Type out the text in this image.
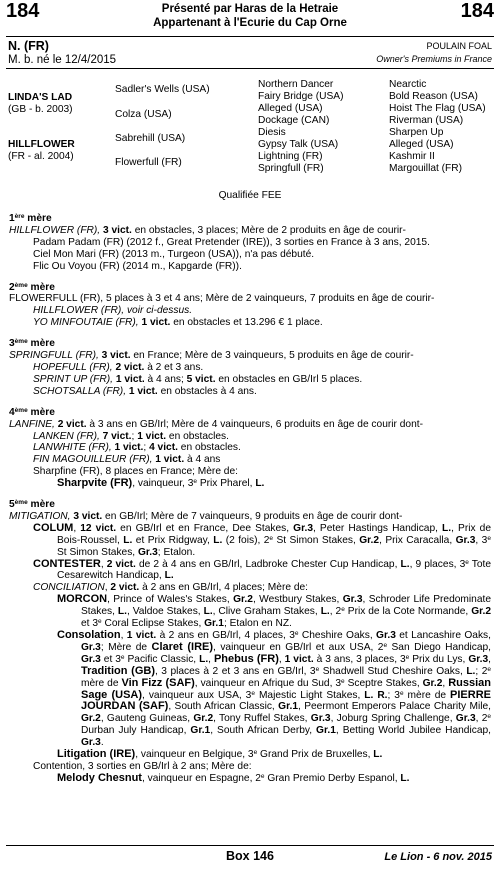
184	Présenté par Haras de la Hetraie
Appartenant à l'Ecurie du Cap Orne
184
N. (FR)
M. b. né le 12/4/2015
POULAIN FOAL
Owner's Premiums in France
LINDA'S LAD
(GB - b. 2003)
HILLFLOWER
(FR - al. 2004)
Sadler's Wells (USA)
Colza (USA)
Sabrehill (USA)
Flowerfull (FR)
Northern Dancer
Fairy Bridge (USA)
Alleged (USA)
Dockage (CAN)
Diesis
Gypsy Talk (USA)
Lightning (FR)
Springfull (FR)
Nearctic
Bold Reason (USA)
Hoist The Flag (USA)
Riverman (USA)
Sharpen Up
Alleged (USA)
Kashmir II
Margouillat (FR)
Qualifiée FEE
1ère mère
HILLFLOWER (FR), 3 vict. en obstacles, 3 places; Mère de 2 produits en âge de courir-
Padam Padam (FR) (2012 f., Great Pretender (IRE)), 3 sorties en France à 3 ans, 2015.
Ciel Mon Mari (FR) (2013 m., Turgeon (USA)), n'a pas débuté.
Flic Ou Voyou (FR) (2014 m., Kapgarde (FR)).
2ème mère
FLOWERFULL (FR), 5 places à 3 et 4 ans; Mère de 2 vainqueurs, 7 produits en âge de courir-
HILLFLOWER (FR), voir ci-dessus.
YO MINFOUTAIE (FR), 1 vict. en obstacles et 13.296 € 1 place.
3ème mère
SPRINGFULL (FR), 3 vict. en France; Mère de 3 vainqueurs, 5 produits en âge de courir-
HOPEFULL (FR), 2 vict. à 2 et 3 ans.
SPRINT UP (FR), 1 vict. à 4 ans; 5 vict. en obstacles en GB/Irl 5 places.
SCHOTSALLA (FR), 1 vict. en obstacles à 4 ans.
4ème mère
LANFINE, 2 vict. à 3 ans en GB/Irl; Mère de 4 vainqueurs, 6 produits en âge de courir dont-
LANKEN (FR), 7 vict.; 1 vict. en obstacles.
LANWHITE (FR), 1 vict.; 4 vict. en obstacles.
FIN MAGOUILLEUR (FR), 1 vict. à 4 ans
Sharpfine (FR), 8 places en France; Mère de:
Sharpvite (FR), vainqueur, 3e Prix Pharel, L.
5ème mère
MITIGATION, 3 vict. en GB/Irl; Mère de 7 vainqueurs, 9 produits en âge de courir dont-
COLUM, 12 vict. en GB/Irl et en France, Dee Stakes, Gr.3, Peter Hastings Handicap, L., Prix de Bois-Roussel, L. et Prix Ridgway, L. (2 fois), 2e St Simon Stakes, Gr.2, Prix Caracalla, Gr.3, 3e St Simon Stakes, Gr.3; Etalon.
CONTESTER, 2 vict. de 2 à 4 ans en GB/Irl, Ladbroke Chester Cup Handicap, L., 9 places, 3e Tote Cesarewitch Handicap, L.
CONCILIATION, 2 vict. à 2 ans en GB/Irl, 4 places; Mère de:
MORCON, Prince of Wales's Stakes, Gr.2, Westbury Stakes, Gr.3, Schroder Life Predominate Stakes, L., Valdoe Stakes, L., Clive Graham Stakes, L., 2e Prix de la Cote Normande, Gr.2 et 3e Coral Eclipse Stakes, Gr.1; Etalon en NZ.
Consolation, 1 vict. à 2 ans en GB/Irl, 4 places, 3e Cheshire Oaks, Gr.3 et Lancashire Oaks, Gr.3; Mère de Claret (IRE), vainqueur en GB/Irl et aux USA, 2e San Diego Handicap, Gr.3 et 3e Pacific Classic, L., Phebus (FR), 1 vict. à 3 ans, 3 places, 3e Prix du Lys, Gr.3, Tradition (GB), 3 places à 2 et 3 ans en GB/Irl, 3e Shadwell Stud Cheshire Oaks, L.; 2e mère de Vin Fizz (SAF), vainqueur en Afrique du Sud, 3e Sceptre Stakes, Gr.2, Russian Sage (USA), vainqueur aux USA, 3e Majestic Light Stakes, L. R.; 3e mère de PIERRE JOURDAN (SAF), South African Classic, Gr.1, Peermont Emperors Palace Charity Mile, Gr.2, Gauteng Guineas, Gr.2, Tony Ruffel Stakes, Gr.3, Joburg Spring Challenge, Gr.3, 2e Durban July Handicap, Gr.1, South African Derby, Gr.1, Betting World Jubilee Handicap, Gr.3.
Litigation (IRE), vainqueur en Belgique, 3e Grand Prix de Bruxelles, L.
Contention, 3 sorties en GB/Irl à 2 ans; Mère de:
Melody Chesnut, vainqueur en Espagne, 2e Gran Premio Derby Espanol, L.
Box 146	Le Lion - 6 nov. 2015
